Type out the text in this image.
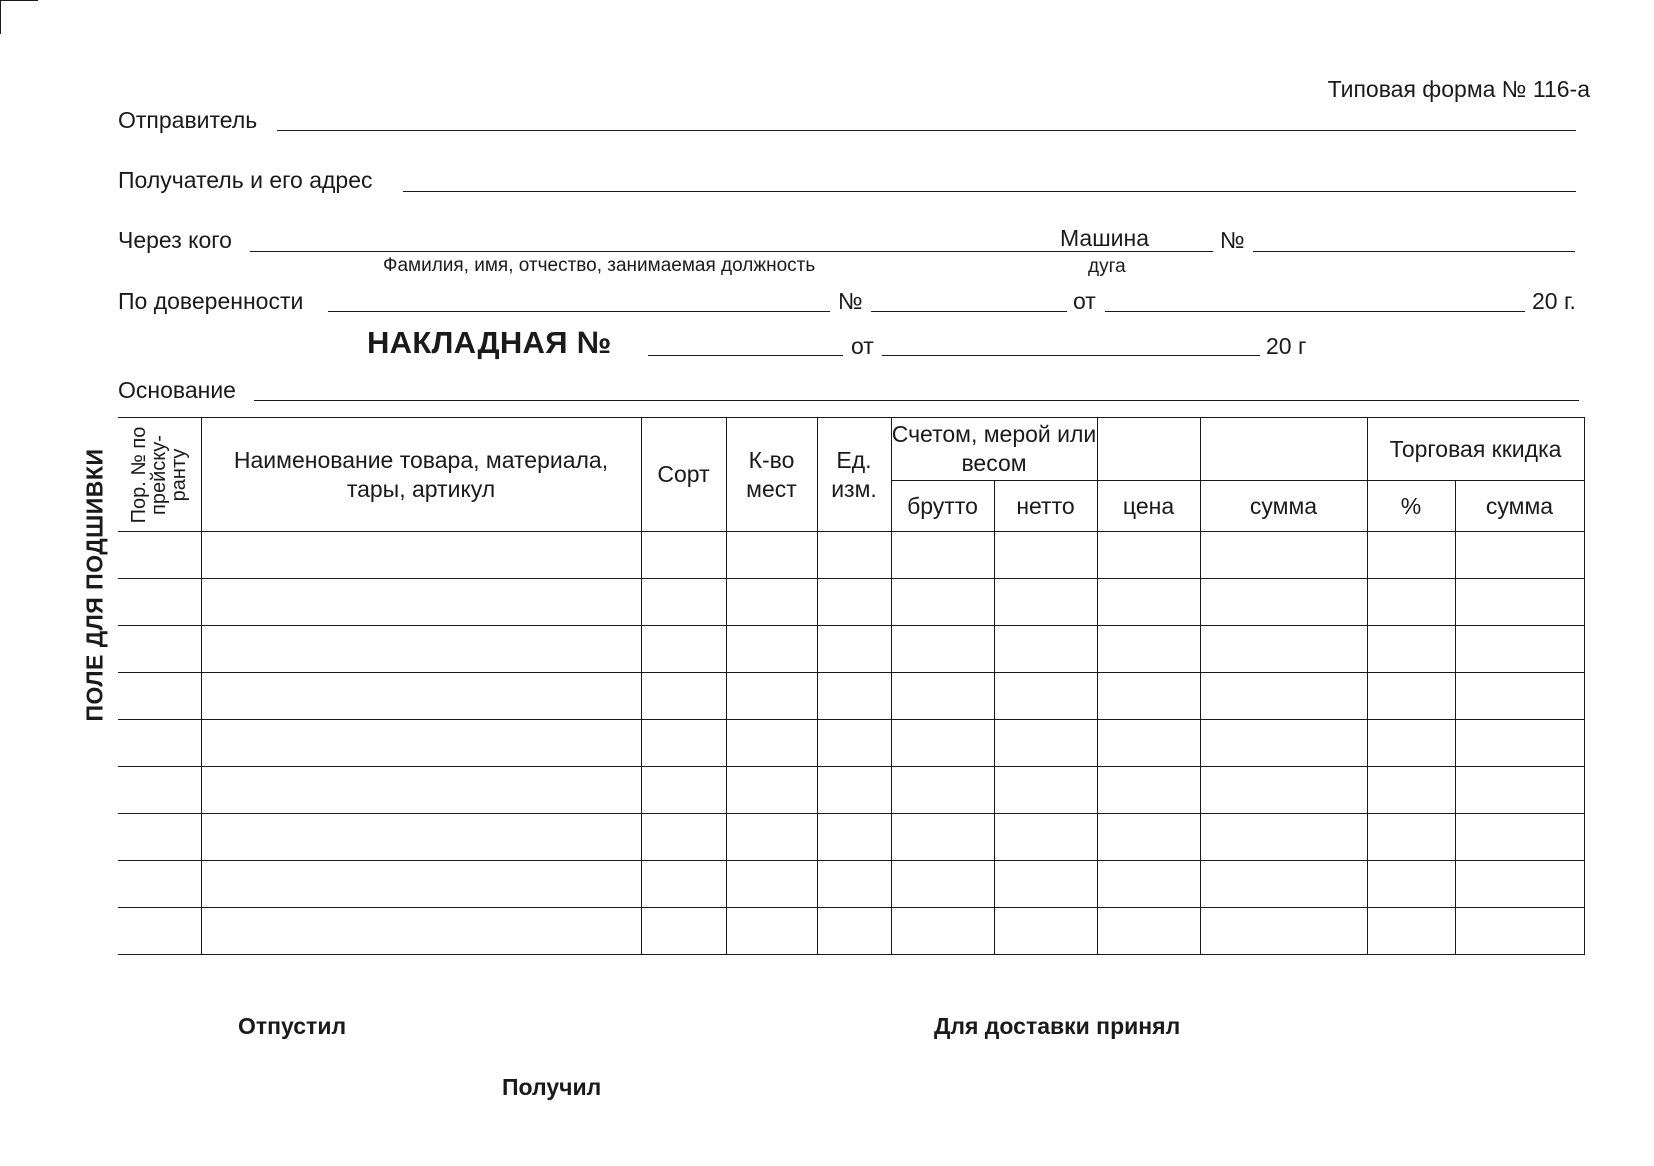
Типовая форма № 116-а
Отправитель
Получатель и его адрес
Через кого
Фамилия, имя, отчество, занимаемая должность
Машина
дуга
№
По доверенности	№	от	20 г.
НАКЛАДНАЯ №	от	20 г
Основание
ПОЛЕ ДЛЯ ПОДШИВКИ Пор. № по прейску-ранту	Наименование товара, материала, тары, артикул	Сорт	К-во мест	Ед. изм.	Счетом, мерой или весом			Торговая ккидка
брутто	нетто	цена	сумма	%	сумма

Отпустил	Для доставки принял
Получил
